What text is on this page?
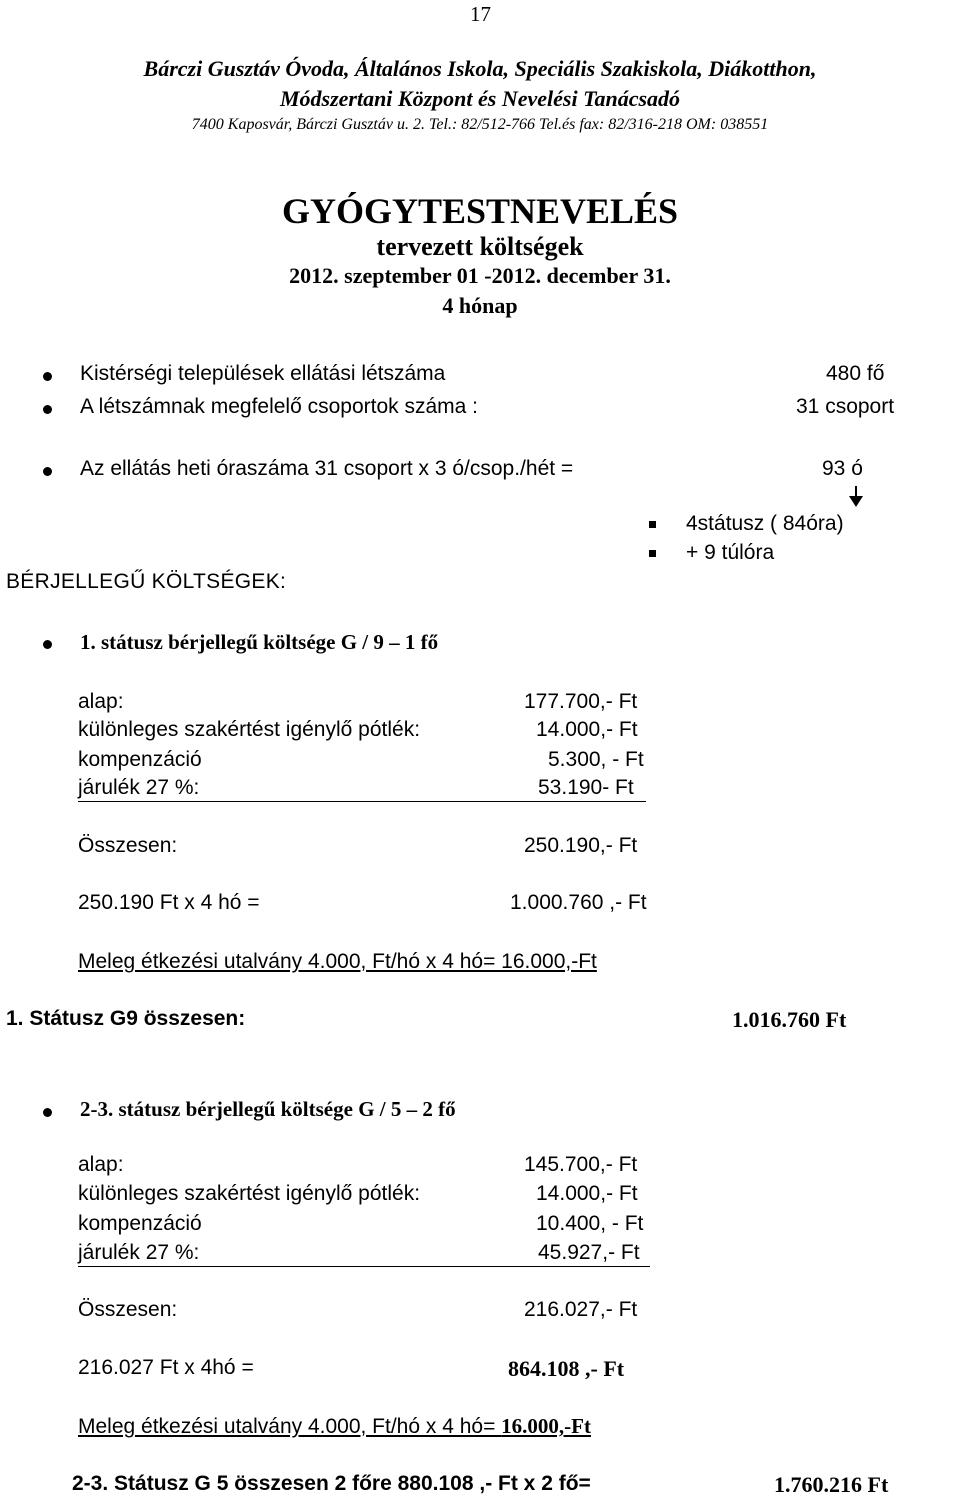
17
Bárczi Gusztáv Óvoda, Általános Iskola, Speciális Szakiskola, Diákotthon,
Módszertani Központ és Nevelési Tanácsadó
7400 Kaposvár, Bárczi Gusztáv u. 2. Tel.: 82/512-766 Tel.és fax: 82/316-218 OM: 038551
GYÓGYTESTNEVELÉS
tervezett költségek
2012. szeptember 01 -2012. december 31.
4 hónap
Kistérségi települések ellátási létszáma	480 fő
A létszámnak megfelelő csoportok száma :	31 csoport
Az ellátás heti óraszáma 31 csoport x 3 ó/csop./hét =	93 ó
4státusz ( 84óra)
+ 9 túlóra
BÉRJELLEGŰ KÖLTSÉGEK:
1. státusz bérjellegű költsége G / 9 – 1 fő
alap:	177.700,- Ft
különleges szakértést igénylő pótlék:	14.000,- Ft
kompenzáció	5.300, - Ft
járulék 27 %:	53.190- Ft
Összesen:	250.190,- Ft
250.190 Ft x 4 hó =	1.000.760 ,- Ft
Meleg étkezési utalvány 4.000, Ft/hó x 4 hó= 16.000,-Ft
1. Státusz G9 összesen:	1.016.760 Ft
2-3. státusz bérjellegű költsége G / 5 – 2 fő
alap:	145.700,- Ft
különleges szakértést igénylő pótlék:	14.000,- Ft
kompenzáció	10.400, - Ft
járulék 27 %:	45.927,- Ft
Összesen:	216.027,- Ft
216.027 Ft x 4hó =	864.108 ,- Ft
Meleg étkezési utalvány 4.000, Ft/hó x 4 hó= 16.000,-Ft
2-3. Státusz G 5 összesen 2 főre 880.108 ,- Ft x 2 fő=	1.760.216 Ft
